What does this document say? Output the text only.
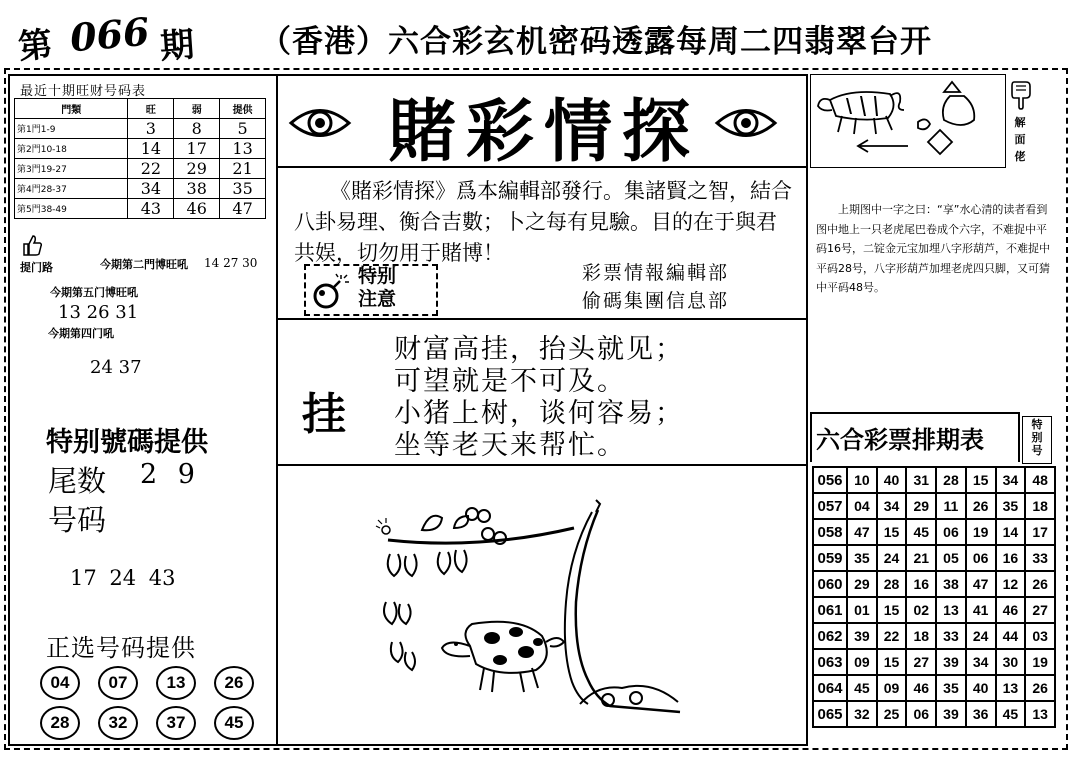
第 066 期 （香港）六合彩玄机密码透露每周二四翡翠台开
最近十期旺财号码表
門類	旺	弱	提供
第1門1-9	3	8	5
第2門10-18	14	17	13
第3門19-27	22	29	21
第4門28-37	34	38	35
第5門38-49	43	46	47
提门路	今期第二門博旺吼 14 27 30
今期第五门博旺吼
13 26 31
今期第四门吼
24 37
特别號碼提供
尾数 2 9
号码
17 24 43
正选号码提供
04	07	13	26
28	32	37	45
賭彩情探
《賭彩情探》爲本編輯部發行。集諸賢之智，結合八卦易理、衡合吉數；卜之每有見驗。目的在于與君共娱，切勿用于賭博！
特别
注意
彩票情報編輯部
偷碼集團信息部
挂
财富高挂，抬头就见；
可望就是不可及。
小猪上树，谈何容易；
坐等老天来帮忙。
解面佬
上期图中一字之曰：“享”水心清的读者看到图中地上一只老虎尾巴卷成个六字，不难捉中平码16号，二锭金元宝加埋八字形葫芦，不难捉中平码28号，八字形葫芦加埋老虎四只脚，又可猜中平码48号。
六合彩票排期表
特别号
056	10	40	31	28	15	34	48
057	04	34	29	11	26	35	18
058	47	15	45	06	19	14	17
059	35	24	21	05	06	16	33
060	29	28	16	38	47	12	26
061	01	15	02	13	41	46	27
062	39	22	18	33	24	44	03
063	09	15	27	39	34	30	19
064	45	09	46	35	40	13	26
065	32	25	06	39	36	45	13
